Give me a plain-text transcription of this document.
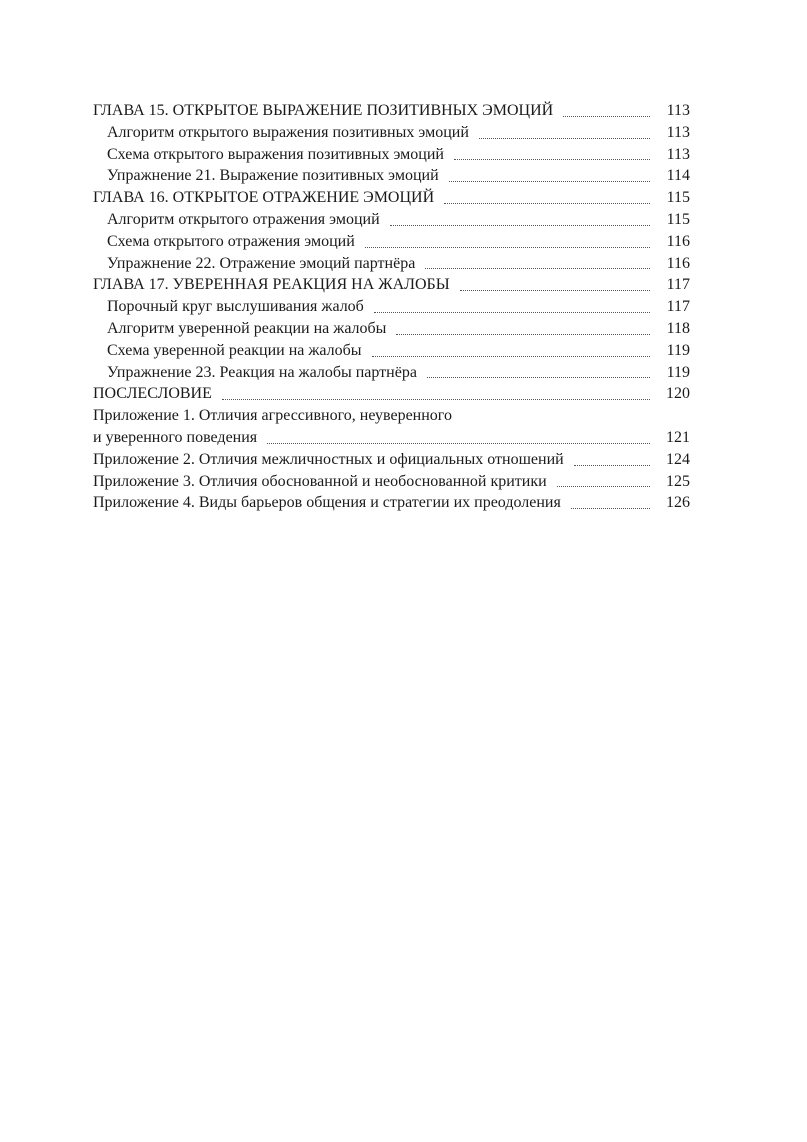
ГЛАВА 15. ОТКРЫТОЕ ВЫРАЖЕНИЕ ПОЗИТИВНЫХ ЭМОЦИЙ	113
Алгоритм открытого выражения позитивных эмоций	113
Схема открытого выражения позитивных эмоций	113
Упражнение 21. Выражение позитивных эмоций	114
ГЛАВА 16. ОТКРЫТОЕ ОТРАЖЕНИЕ ЭМОЦИЙ	115
Алгоритм открытого отражения эмоций	115
Схема открытого отражения эмоций	116
Упражнение 22. Отражение эмоций партнёра	116
ГЛАВА 17. УВЕРЕННАЯ РЕАКЦИЯ НА ЖАЛОБЫ	117
Порочный круг выслушивания жалоб	117
Алгоритм уверенной реакции на жалобы	118
Схема уверенной реакции на жалобы	119
Упражнение 23. Реакция на жалобы партнёра	119
ПОСЛЕСЛОВИЕ	120
Приложение 1. Отличия агрессивного, неуверенного
и уверенного поведения	121
Приложение 2. Отличия межличностных и официальных отношений	124
Приложение 3. Отличия обоснованной и необоснованной критики	125
Приложение 4. Виды барьеров общения и стратегии их преодоления	126
